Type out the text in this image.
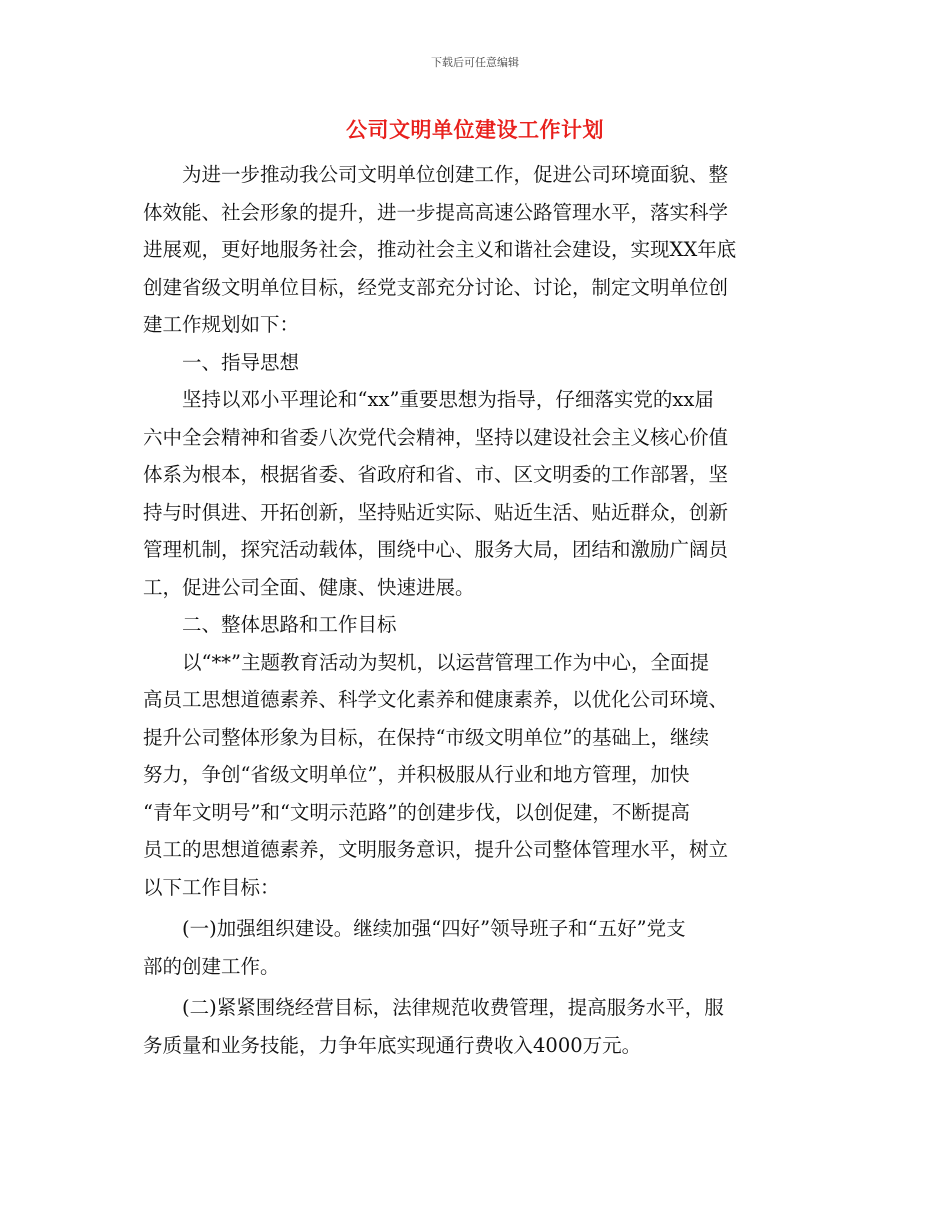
下载后可任意编辑
公司文明单位建设工作计划
为进一步推动我公司文明单位创建工作，促进公司环境面貌、整
体效能、社会形象的提升，进一步提高高速公路管理水平，落实科学
进展观，更好地服务社会，推动社会主义和谐社会建设，实现XX年底
创建省级文明单位目标，经党支部充分讨论、讨论，制定文明单位创
建工作规划如下：
一、指导思想
坚持以邓小平理论和“xx”重要思想为指导，仔细落实党的xx届
六中全会精神和省委八次党代会精神，坚持以建设社会主义核心价值
体系为根本，根据省委、省政府和省、市、区文明委的工作部署，坚
持与时俱进、开拓创新，坚持贴近实际、贴近生活、贴近群众，创新
管理机制，探究活动载体，围绕中心、服务大局，团结和激励广阔员
工，促进公司全面、健康、快速进展。
二、整体思路和工作目标
以“**”主题教育活动为契机，以运营管理工作为中心，全面提
高员工思想道德素养、科学文化素养和健康素养，以优化公司环境、
提升公司整体形象为目标，在保持“市级文明单位”的基础上，继续
努力，争创“省级文明单位”，并积极服从行业和地方管理，加快
“青年文明号”和“文明示范路”的创建步伐，以创促建，不断提高
员工的思想道德素养，文明服务意识，提升公司整体管理水平，树立
以下工作目标：
(一)加强组织建设。继续加强“四好”领导班子和“五好”党支
部的创建工作。
(二)紧紧围绕经营目标，法律规范收费管理，提高服务水平，服
务质量和业务技能，力争年底实现通行费收入4000万元。
